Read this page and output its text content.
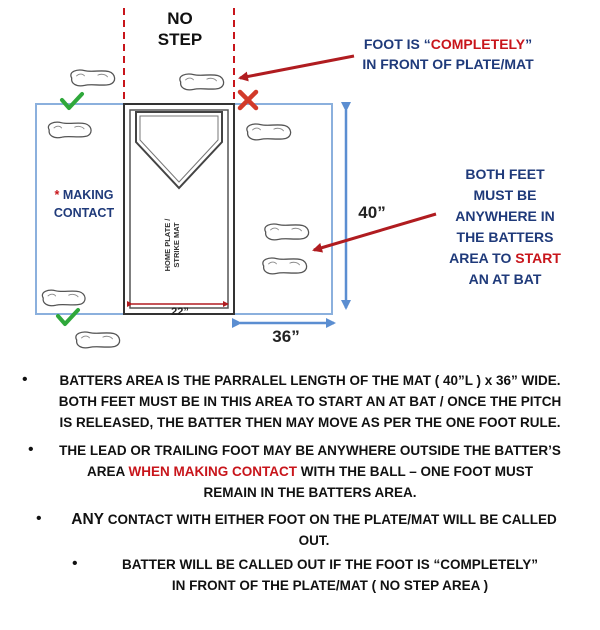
NO
STEP	FOOT IS “COMPLETELY”
IN FRONT OF PLATE/MAT
* MAKING
CONTACT
HOME PLATE / STRIKE MAT
22”
40”
36”
BOTH FEET
MUST BE
ANYWHERE IN
THE BATTERS
AREA TO START
AN AT BAT
•	BATTERS AREA IS THE PARRALEL LENGTH OF THE MAT ( 40”L ) x 36” WIDE.
BOTH FEET MUST BE IN THIS AREA TO START AN AT BAT / ONCE THE PITCH
IS RELEASED, THE BATTER THEN MAY MOVE AS PER THE ONE FOOT RULE.
•	THE LEAD OR TRAILING FOOT MAY BE ANYWHERE OUTSIDE THE BATTER’S
AREA WHEN MAKING CONTACT WITH THE BALL – ONE FOOT MUST
REMAIN IN THE BATTERS AREA.
•	ANY CONTACT WITH EITHER FOOT ON THE PLATE/MAT WILL BE CALLED
OUT.
•	BATTER WILL BE CALLED OUT IF THE FOOT IS “COMPLETELY”
IN FRONT OF THE PLATE/MAT ( NO STEP AREA )
